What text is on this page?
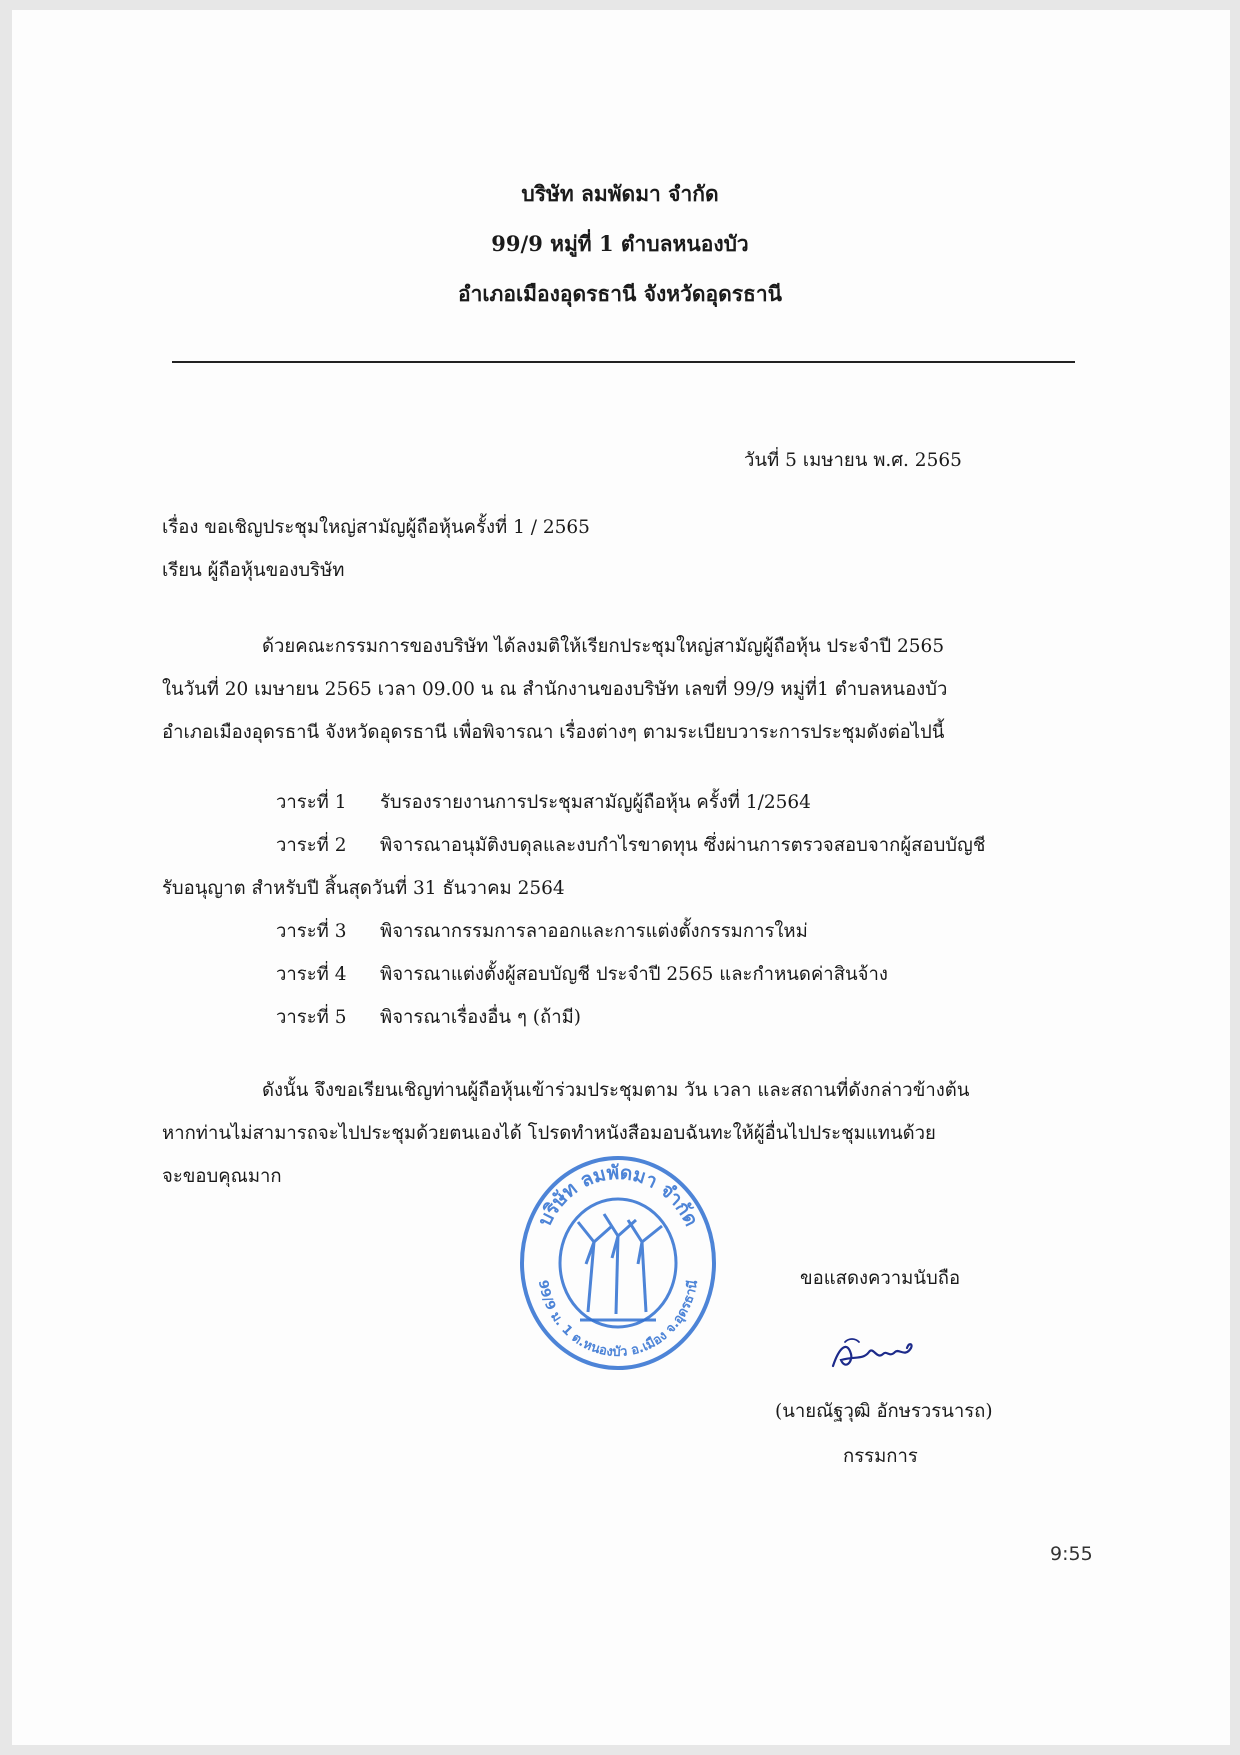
บริษัท ลมพัดมา จำกัด
99/9 หมู่ที่ 1 ตำบลหนองบัว
อำเภอเมืองอุดรธานี จังหวัดอุดรธานี
วันที่ 5 เมษายน พ.ศ. 2565
เรื่อง ขอเชิญประชุมใหญ่สามัญผู้ถือหุ้นครั้งที่ 1 / 2565
เรียน ผู้ถือหุ้นของบริษัท
ด้วยคณะกรรมการของบริษัท ได้ลงมติให้เรียกประชุมใหญ่สามัญผู้ถือหุ้น ประจำปี 2565
ในวันที่ 20 เมษายน 2565 เวลา 09.00 น ณ สำนักงานของบริษัท เลขที่ 99/9 หมู่ที่1 ตำบลหนองบัว
อำเภอเมืองอุดรธานี จังหวัดอุดรธานี เพื่อพิจารณา เรื่องต่างๆ ตามระเบียบวาระการประชุมดังต่อไปนี้
วาระที่ 1 รับรองรายงานการประชุมสามัญผู้ถือหุ้น ครั้งที่ 1/2564
วาระที่ 2 พิจารณาอนุมัติงบดุลและงบกำไรขาดทุน ซึ่งผ่านการตรวจสอบจากผู้สอบบัญชี
รับอนุญาต สำหรับปี สิ้นสุดวันที่ 31 ธันวาคม 2564
วาระที่ 3 พิจารณากรรมการลาออกและการแต่งตั้งกรรมการใหม่
วาระที่ 4 พิจารณาแต่งตั้งผู้สอบบัญชี ประจำปี 2565 และกำหนดค่าสินจ้าง
วาระที่ 5 พิจารณาเรื่องอื่น ๆ (ถ้ามี)
ดังนั้น จึงขอเรียนเชิญท่านผู้ถือหุ้นเข้าร่วมประชุมตาม วัน เวลา และสถานที่ดังกล่าวข้างต้น
หากท่านไม่สามารถจะไปประชุมด้วยตนเองได้ โปรดทำหนังสือมอบฉันทะให้ผู้อื่นไปประชุมแทนด้วย
จะขอบคุณมาก
บริษัท ลมพัดมา จำกัด
99/9 ม. 1 ต.หนองบัว อ.เมือง จ.อุดรธานี	ขอแสดงความนับถือ
(นายณัฐวุฒิ อักษรวรนารถ)
กรรมการ
9:55
